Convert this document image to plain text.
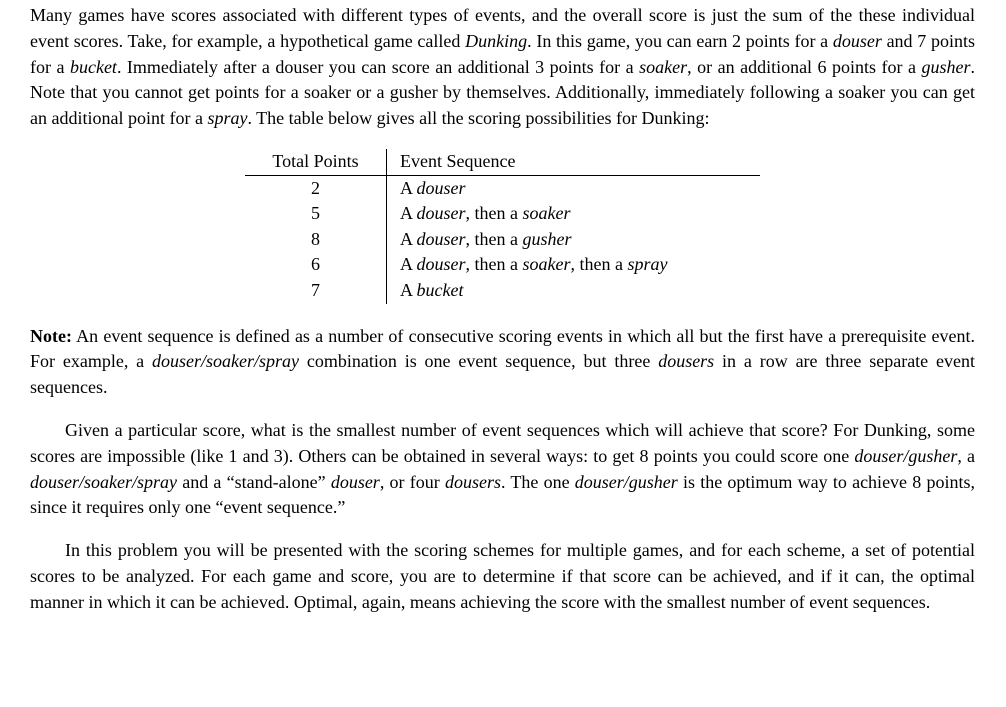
Many games have scores associated with different types of events, and the overall score is just the sum of the these individual event scores. Take, for example, a hypothetical game called Dunking. In this game, you can earn 2 points for a douser and 7 points for a bucket. Immediately after a douser you can score an additional 3 points for a soaker, or an additional 6 points for a gusher. Note that you cannot get points for a soaker or a gusher by themselves. Additionally, immediately following a soaker you can get an additional point for a spray. The table below gives all the scoring possibilities for Dunking:

Total Points	Event Sequence
2	A douser
5	A douser, then a soaker
8	A douser, then a gusher
6	A douser, then a soaker, then a spray
7	A bucket

Note: An event sequence is defined as a number of consecutive scoring events in which all but the first have a prerequisite event. For example, a douser/soaker/spray combination is one event sequence, but three dousers in a row are three separate event sequences.

Given a particular score, what is the smallest number of event sequences which will achieve that score? For Dunking, some scores are impossible (like 1 and 3). Others can be obtained in several ways: to get 8 points you could score one douser/gusher, a douser/soaker/spray and a “stand-alone” douser, or four dousers. The one douser/gusher is the optimum way to achieve 8 points, since it requires only one “event sequence.”

In this problem you will be presented with the scoring schemes for multiple games, and for each scheme, a set of potential scores to be analyzed. For each game and score, you are to determine if that score can be achieved, and if it can, the optimal manner in which it can be achieved. Optimal, again, means achieving the score with the smallest number of event sequences.
